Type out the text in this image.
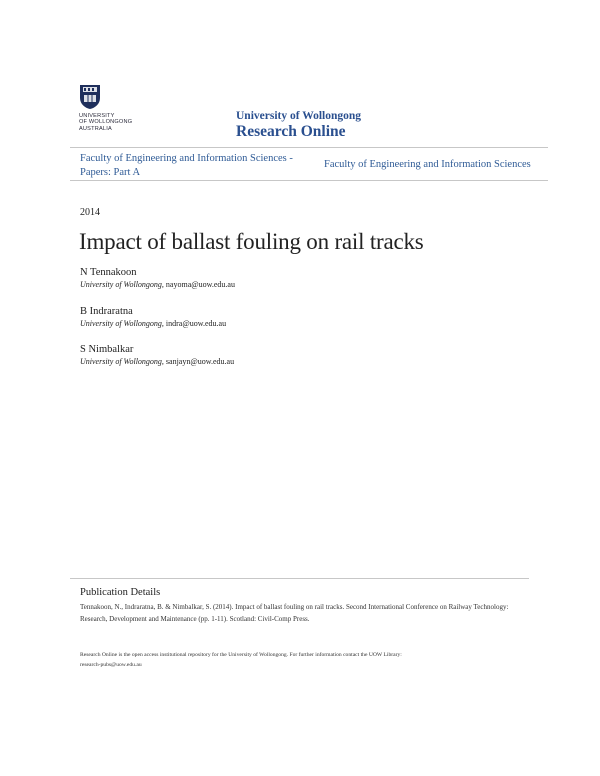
UNIVERSITY
OF WOLLONGONG
AUSTRALIA
University of Wollongong
Research Online
Faculty of Engineering and Information Sciences - Papers: Part A
Faculty of Engineering and Information Sciences
2014
Impact of ballast fouling on rail tracks
N Tennakoon
University of Wollongong, nayoma@uow.edu.au
B Indraratna
University of Wollongong, indra@uow.edu.au
S Nimbalkar
University of Wollongong, sanjayn@uow.edu.au
Publication Details
Tennakoon, N., Indraratna, B. & Nimbalkar, S. (2014). Impact of ballast fouling on rail tracks. Second International Conference on Railway Technology: Research, Development and Maintenance (pp. 1-11). Scotland: Civil-Comp Press.
Research Online is the open access institutional repository for the University of Wollongong. For further information contact the UOW Library:
research-pubs@uow.edu.au
